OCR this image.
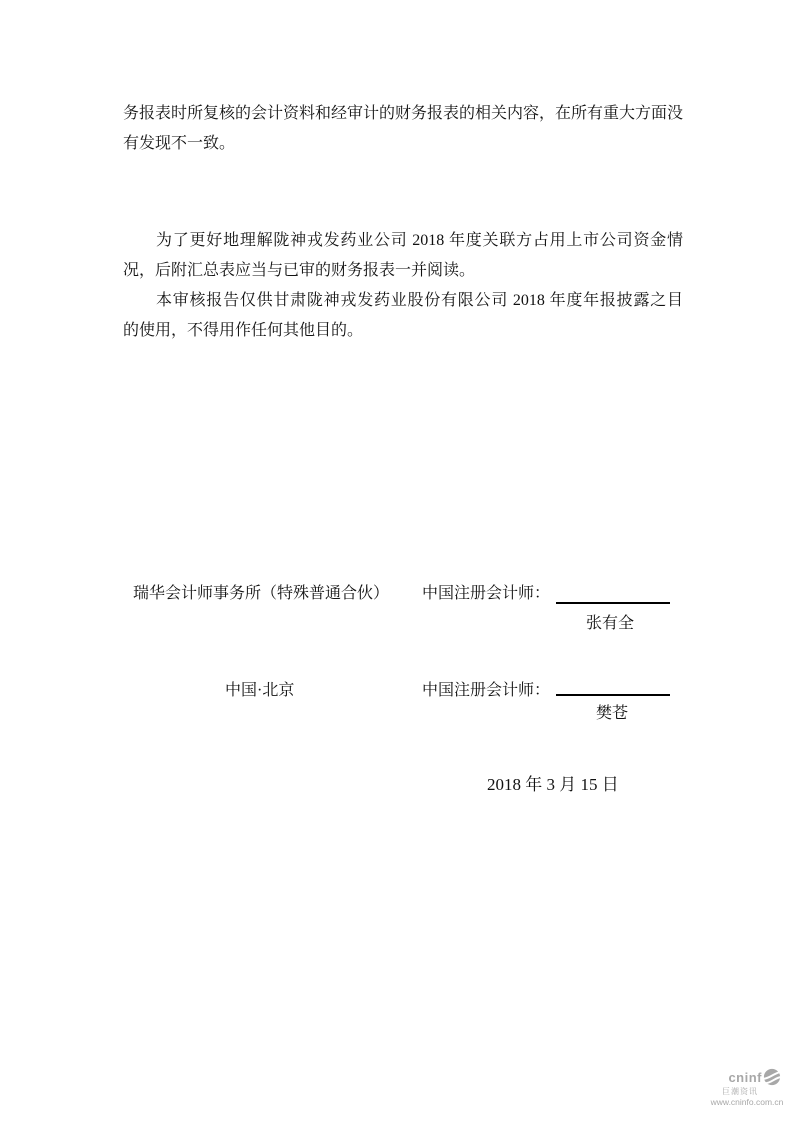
务报表时所复核的会计资料和经审计的财务报表的相关内容，在所有重大方面没
有发现不一致。
为了更好地理解陇神戎发药业公司 2018 年度关联方占用上市公司资金情
况，后附汇总表应当与已审的财务报表一并阅读。
本审核报告仅供甘肃陇神戎发药业股份有限公司 2018 年度年报披露之目
的使用，不得用作任何其他目的。
瑞华会计师事务所（特殊普通合伙） 中国注册会计师：
张有全
中国·北京	中国注册会计师：
樊苍
2018 年 3 月 15 日
cninf
巨潮资讯
www.cninfo.com.cn
